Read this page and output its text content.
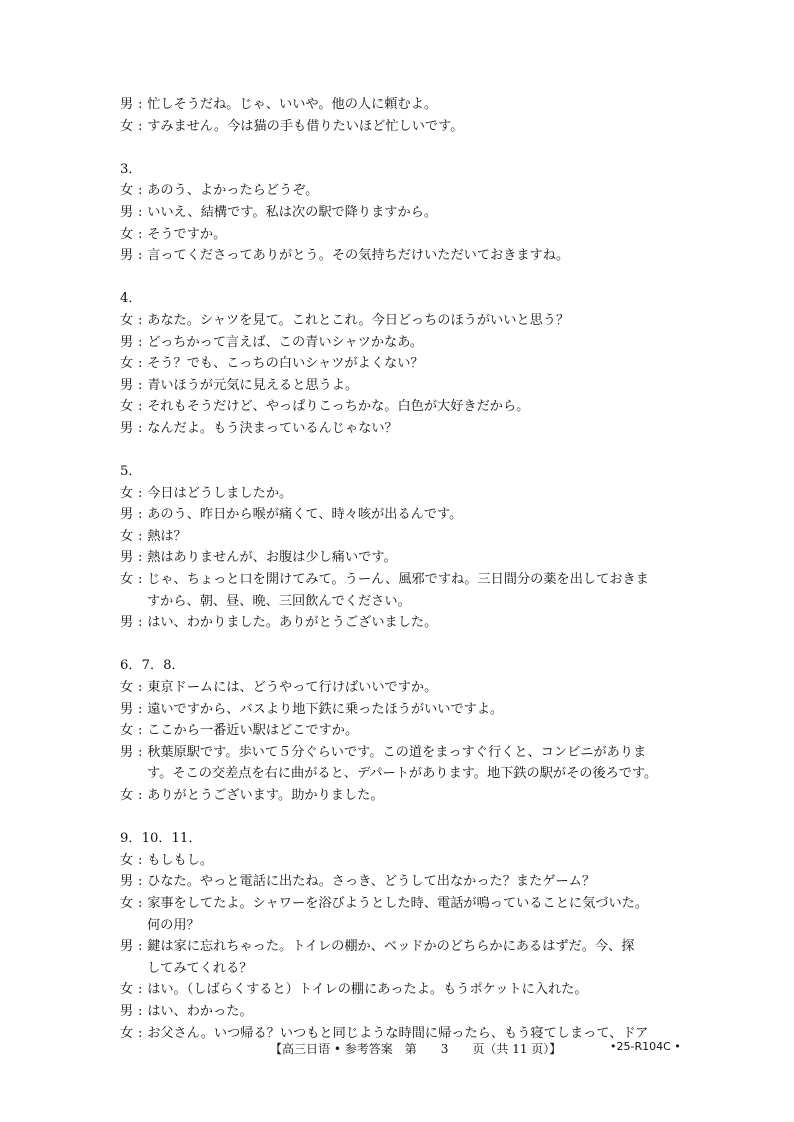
男 : 忙しそうだね。じゃ、いいや。他の人に頼むよ。
女 : すみません。今は猫の手も借りたいほど忙しいです。
3．
女 : あのう、よかったらどうぞ。
男 : いいえ、結構です。私は次の駅で降りますから。
女 : そうですか。
男 : 言ってくださってありがとう。その気持ちだけいただいておきますね。
4．
女 : あなた。シャツを見て。これとこれ。今日どっちのほうがいいと思う？
男 : どっちかって言えば、この青いシャツかなあ。
女 : そう？でも、こっちの白いシャツがよくない？
男 : 青いほうが元気に見えると思うよ。
女 : それもそうだけど、やっぱりこっちかな。白色が大好きだから。
男 : なんだよ。もう決まっているんじゃない？
5．
女 : 今日はどうしましたか。
男 : あのう、昨日から喉が痛くて、時々咳が出るんです。
女 : 熱は？
男 : 熱はありませんが、お腹は少し痛いです。
女 : じゃ、ちょっと口を開けてみて。うーん、風邪ですね。三日間分の薬を出しておきま
すから、朝、昼、晩、三回飲んでください。
男 : はい、わかりました。ありがとうございました。
6．7．8．
女 : 東京ドームには、どうやって行けばいいですか。
男 : 遠いですから、バスより地下鉄に乗ったほうがいいですよ。
女 : ここから一番近い駅はどこですか。
男 : 秋葉原駅です。歩いて５分ぐらいです。この道をまっすぐ行くと、コンビニがありま
す。そこの交差点を右に曲がると、デパートがあります。地下鉄の駅がその後ろです。
女 : ありがとうございます。助かりました。
9．10．11．
女 : もしもし。
男 : ひなた。やっと電話に出たね。さっき、どうして出なかった？またゲーム？
女 : 家事をしてたよ。シャワーを浴びようとした時、電話が鳴っていることに気づいた。
何の用？
男 : 鍵は家に忘れちゃった。トイレの棚か、ベッドかのどちらかにあるはずだ。今、探
してみてくれる？
女 : はい。（しばらくすると）トイレの棚にあったよ。もうポケットに入れた。
男 : はい、わかった。
女 : お父さん。いつ帰る？いつもと同じような時間に帰ったら、もう寝てしまって、ドア
【高三日语 • 参考答案 第 3 页（共 11 页）】	•25-R104C •
